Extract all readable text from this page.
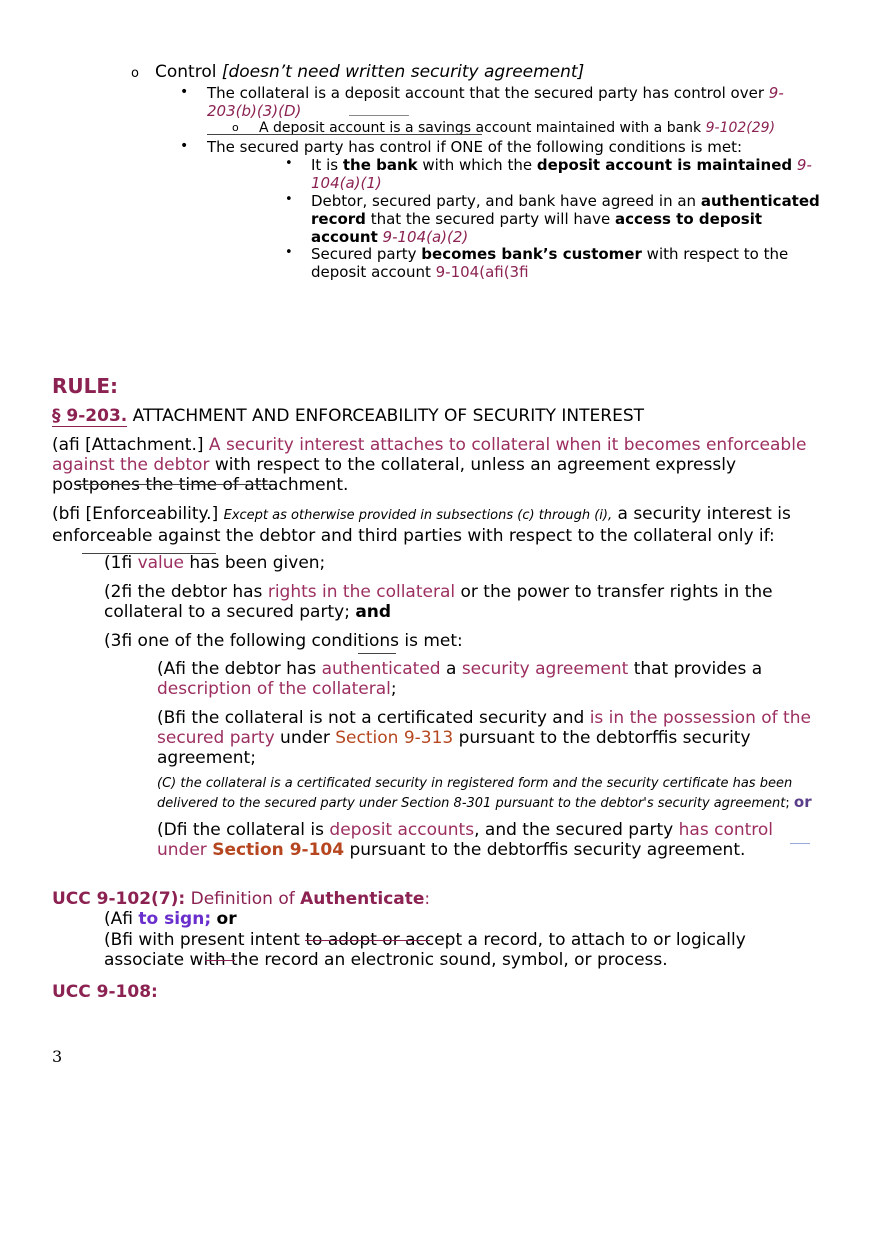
o Control [doesn’t need written security agreement]
• The collateral is a deposit account that the secured party has control over 9-203(b)(3)(D)
o A deposit account is a savings account maintained with a bank 9-102(29)
• The secured party has control if ONE of the following conditions is met:
• It is the bank with which the deposit account is maintained 9-104(a)(1)
• Debtor, secured party, and bank have agreed in an authenticated record that the secured party will have access to deposit account 9-104(a)(2)
• Secured party becomes bank’s customer with respect to the deposit account 9-104(afi(3fi
RULE:
§ 9-203. ATTACHMENT AND ENFORCEABILITY OF SECURITY INTEREST
(afi [Attachment.] A security interest attaches to collateral when it becomes enforceable against the debtor with respect to the collateral, unless an agreement expressly postpones the time of attachment.
(bfi [Enforceability.] Except as otherwise provided in subsections (c) through (i), a security interest is enforceable against the debtor and third parties with respect to the collateral only if:
(1fi value has been given;
(2fi the debtor has rights in the collateral or the power to transfer rights in the collateral to a secured party; and
(3fi one of the following conditions is met:
(Afi the debtor has authenticated a security agreement that provides a description of the collateral;
(Bfi the collateral is not a certificated security and is in the possession of the secured party under Section 9-313 pursuant to the debtorffis security agreement;
(C) the collateral is a certificated security in registered form and the security certificate has been delivered to the secured party under Section 8-301 pursuant to the debtor's security agreement; or
(Dfi the collateral is deposit accounts, and the secured party has control under Section 9-104 pursuant to the debtorffis security agreement.
UCC 9-102(7): Definition of Authenticate:
(Afi to sign; or
(Bfi with present intent to adopt or accept a record, to attach to or logically associate with the record an electronic sound, symbol, or process.
UCC 9-108:
3
